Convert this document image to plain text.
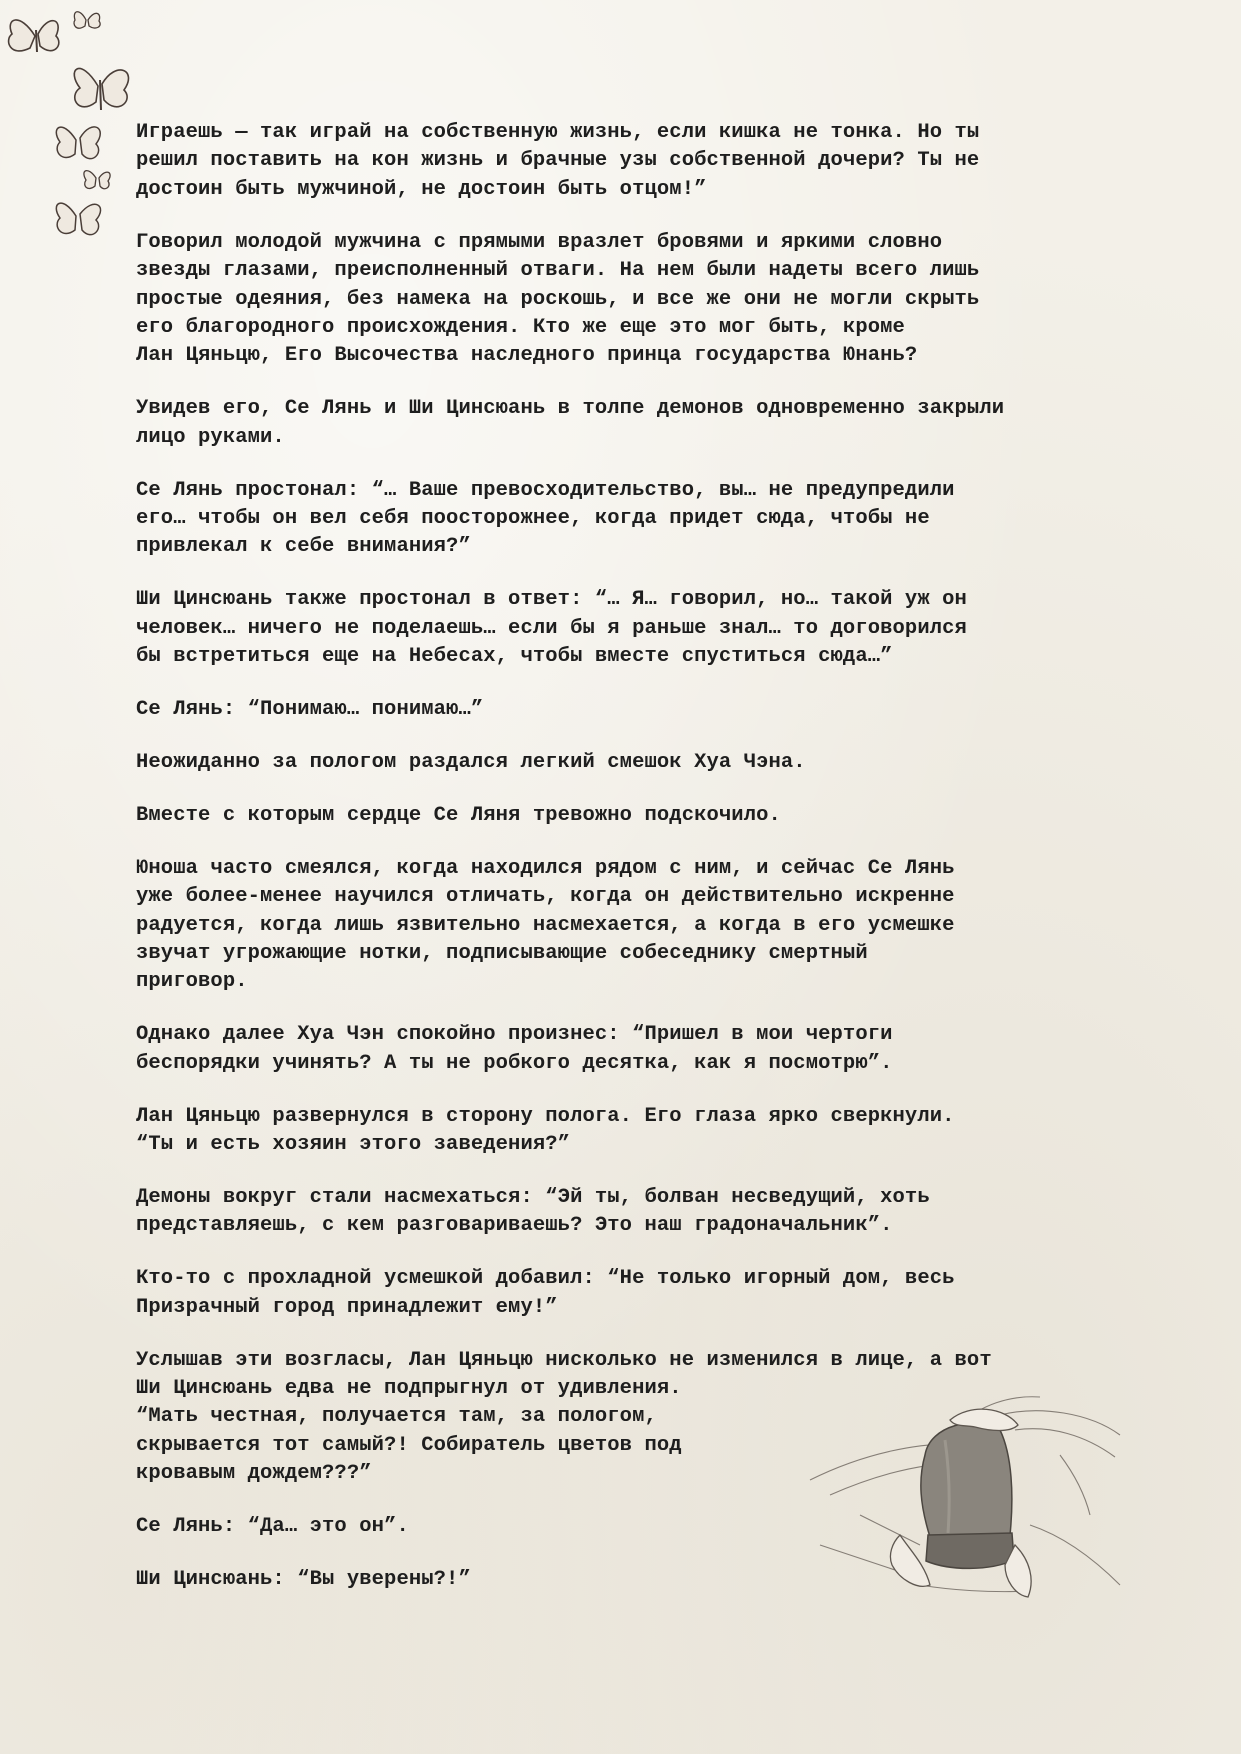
Играешь — так играй на собственную жизнь, если кишка не тонка. Но ты
решил поставить на кон жизнь и брачные узы собственной дочери? Ты не
достоин быть мужчиной, не достоин быть отцом!”

Говорил молодой мужчина с прямыми вразлет бровями и яркими словно
звезды глазами, преисполненный отваги. На нем были надеты всего лишь
простые одеяния, без намека на роскошь, и все же они не могли скрыть
его благородного происхождения. Кто же еще это мог быть, кроме
Лан Цяньцю, Его Высочества наследного принца государства Юнань?

Увидев его, Се Лянь и Ши Цинсюань в толпе демонов одновременно закрыли
лицо руками.

Се Лянь простонал: “… Ваше превосходительство, вы… не предупредили
его… чтобы он вел себя поосторожнее, когда придет сюда, чтобы не
привлекал к себе внимания?”

Ши Цинсюань также простонал в ответ: “… Я… говорил, но… такой уж он
человек… ничего не поделаешь… если бы я раньше знал… то договорился
бы встретиться еще на Небесах, чтобы вместе спуститься сюда…”

Се Лянь: “Понимаю… понимаю…”

Неожиданно за пологом раздался легкий смешок Хуа Чэна.

Вместе с которым сердце Се Ляня тревожно подскочило.

Юноша часто смеялся, когда находился рядом с ним, и сейчас Се Лянь
уже более-менее научился отличать, когда он действительно искренне
радуется, когда лишь язвительно насмехается, а когда в его усмешке
звучат угрожающие нотки, подписывающие собеседнику смертный
приговор.

Однако далее Хуа Чэн спокойно произнес: “Пришел в мои чертоги
беспорядки учинять? А ты не робкого десятка, как я посмотрю”.

Лан Цяньцю развернулся в сторону полога. Его глаза ярко сверкнули.
“Ты и есть хозяин этого заведения?”

Демоны вокруг стали насмехаться: “Эй ты, болван несведущий, хоть
представляешь, с кем разговариваешь? Это наш градоначальник”.

Кто-то с прохладной усмешкой добавил: “Не только игорный дом, весь
Призрачный город принадлежит ему!”

Услышав эти возгласы, Лан Цяньцю нисколько не изменился в лице, а вот
Ши Цинсюань едва не подпрыгнул от удивления.
“Мать честная, получается там, за пологом,
скрывается тот самый?! Собиратель цветов под
кровавым дождем???”

Се Лянь: “Да… это он”.

Ши Цинсюань: “Вы уверены?!”
